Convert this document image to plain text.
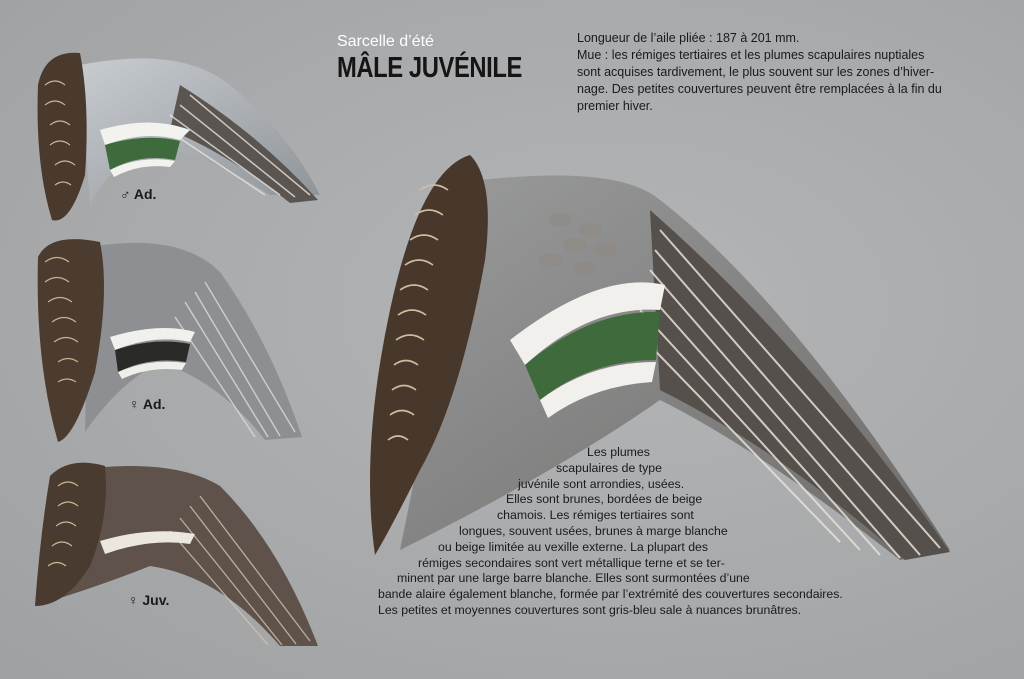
♂ Ad.
♀ Ad.
♀ Juv.
Sarcelle d’été
MÂLE JUVÉNILE

Longueur de l’aile pliée : 187 à 201 mm.

Mue : les rémiges tertiaires et les plumes scapulaires nuptiales

sont acquises tardivement, le plus souvent sur les zones d’hiver-

nage. Des petites couvertures peuvent être remplacées à la fin du

premier hiver.

Les plumes
scapulaires de type
juvénile sont arrondies, usées.
Elles sont brunes, bordées de beige
chamois. Les rémiges tertiaires sont
longues, souvent usées, brunes à marge blanche
ou beige limitée au vexille externe. La plupart des
rémiges secondaires sont vert métallique terne et se ter-
minent par une large barre blanche. Elles sont surmontées d’une
bande alaire également blanche, formée par l’extrémité des couvertures secondaires.
Les petites et moyennes couvertures sont gris-bleu sale à nuances brunâtres.
